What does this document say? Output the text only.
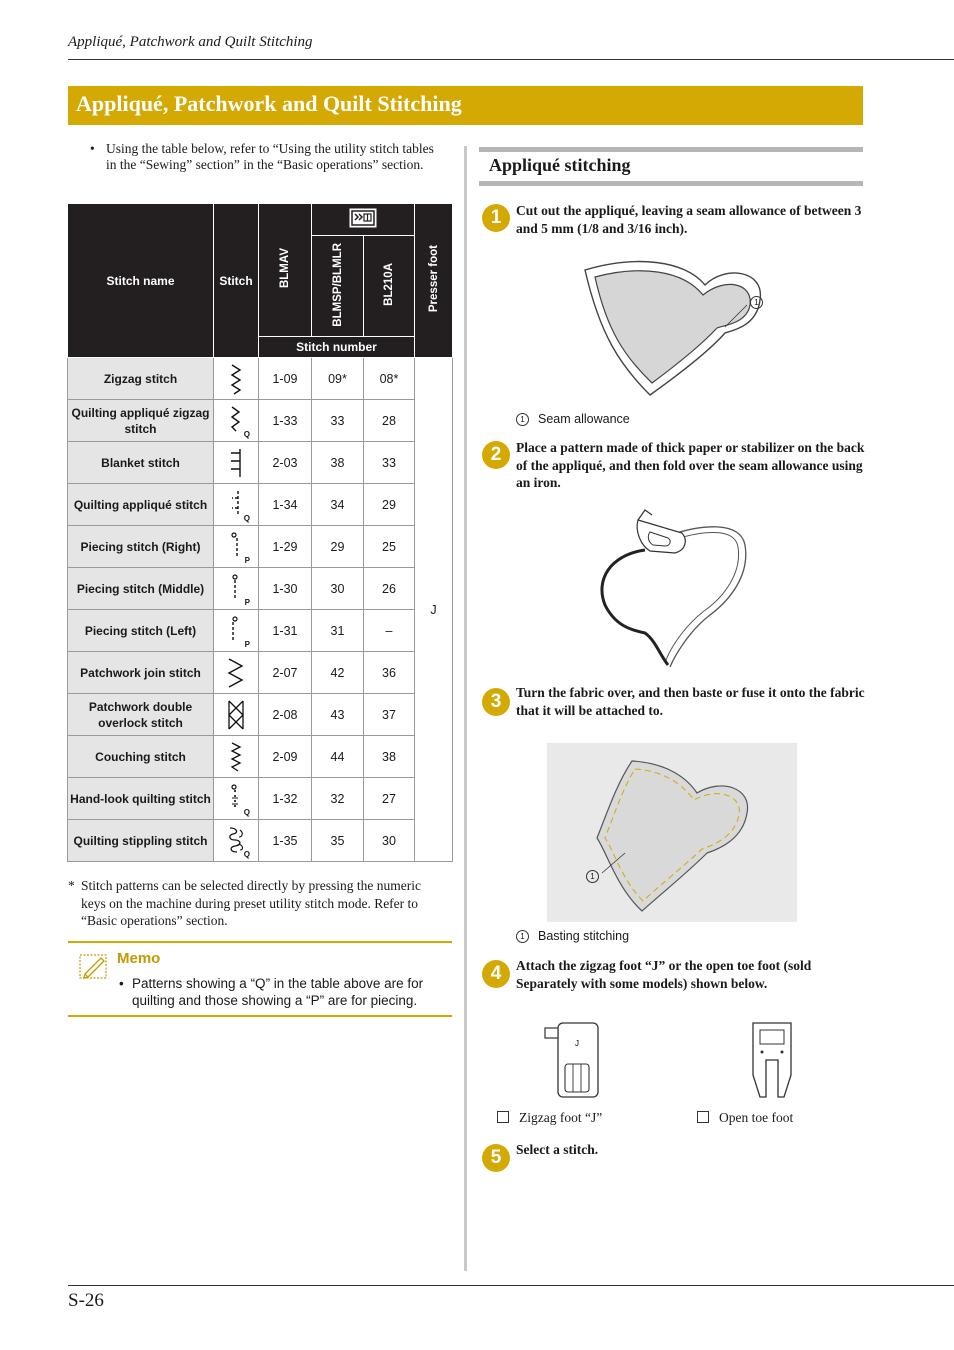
Appliqué, Patchwork and Quilt Stitching
Appliqué, Patchwork and Quilt Stitching
• Using the table below, refer to “Using the utility stitch tables in the “Sewing” section” in the “Basic operations” section.
Stitch name	Stitch	BLMAV			Presser foot
			BLMSP/BLMLR	BL210A	
		Stitch number			
Zigzag stitch		1-09	09*	08*	J
Quilting appliqué zigzag stitch	Q	1-33	33	28	
Blanket stitch		2-03	38	33	
Quilting appliqué stitch	Q	1-34	34	29	
Piecing stitch (Right)	P	1-29	29	25	
Piecing stitch (Middle)	P	1-30	30	26	
Piecing stitch (Left)	P	1-31	31	–	
Patchwork join stitch		2-07	42	36	
Patchwork double overlock stitch		2-08	43	37	
Couching stitch		2-09	44	38	
Hand-look quilting stitch	Q	1-32	32	27	
Quilting stippling stitch	Q	1-35	35	30	
* Stitch patterns can be selected directly by pressing the numeric keys on the machine during preset utility stitch mode. Refer to “Basic operations” section.
Memo
• Patterns showing a “Q” in the table above are for quilting and those showing a “P” are for piecing.
Appliqué stitching
1	Cut out the appliqué, leaving a seam allowance of between 3 and 5 mm (1/8 and 3/16 inch).
1
1 Seam allowance
2	Place a pattern made of thick paper or stabilizer on the back of the appliqué, and then fold over the seam allowance using an iron.
3	Turn the fabric over, and then baste or fuse it onto the fabric that it will be attached to.
1
1 Basting stitching
4	Attach the zigzag foot “J” or the open toe foot (sold Separately with some models) shown below.
J
Zigzag foot “J”	Open toe foot
5	Select a stitch.
S-26
